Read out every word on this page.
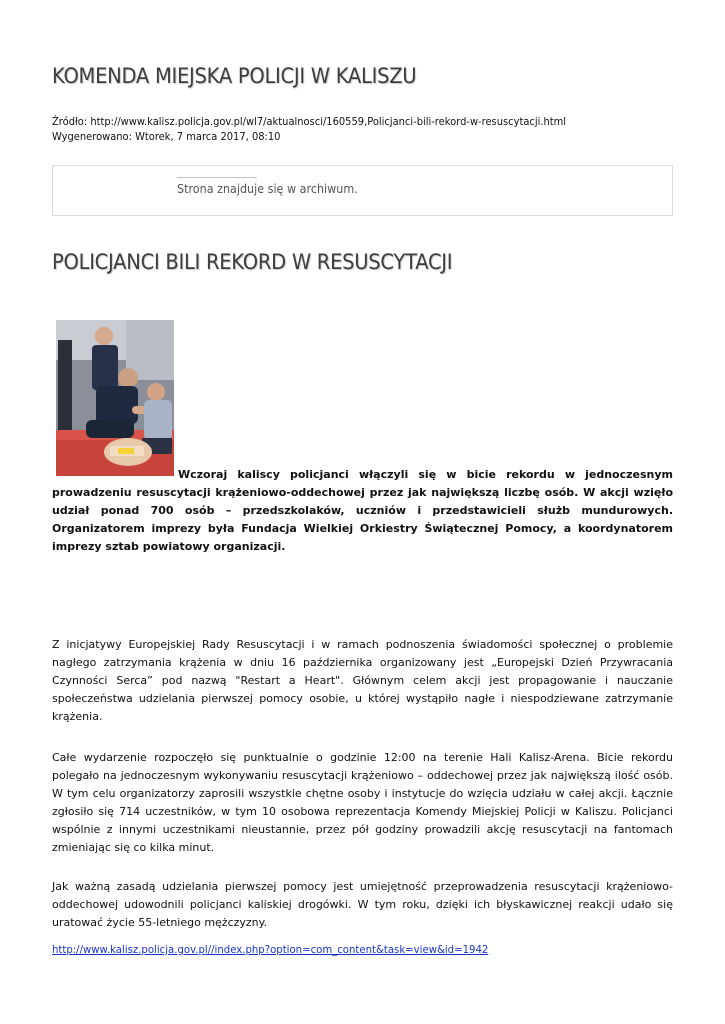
KOMENDA MIEJSKA POLICJI W KALISZU
Źródło: http://www.kalisz.policja.gov.pl/wl7/aktualnosci/160559,Policjanci-bili-rekord-w-resuscytacji.html
Wygenerowano: Wtorek, 7 marca 2017, 08:10
Strona znajduje się w archiwum.
POLICJANCI BILI REKORD W RESUSCYTACJI
Wczoraj kaliscy policjanci włączyli się w bicie rekordu w jednoczesnym prowadzeniu resuscytacji krążeniowo-oddechowej przez jak największą liczbę osób. W akcji wzięło udział ponad 700 osób – przedszkolaków, uczniów i przedstawicieli służb mundurowych. Organizatorem imprezy była Fundacja Wielkiej Orkiestry Świątecznej Pomocy, a koordynatorem imprezy sztab powiatowy organizacji.
Z inicjatywy Europejskiej Rady Resuscytacji i w ramach podnoszenia świadomości społecznej o problemie nagłego zatrzymania krążenia w dniu 16 października organizowany jest „Europejski Dzień Przywracania Czynności Serca” pod nazwą "Restart a Heart". Głównym celem akcji jest propagowanie i nauczanie społeczeństwa udzielania pierwszej pomocy osobie, u której wystąpiło nagłe i niespodziewane zatrzymanie krążenia.
Całe wydarzenie rozpoczęło się punktualnie o godzinie 12:00 na terenie Hali Kalisz-Arena. Bicie rekordu polegało na jednoczesnym wykonywaniu resuscytacji krążeniowo – oddechowej przez jak największą ilość osób. W tym celu organizatorzy zaprosili wszystkie chętne osoby i instytucje do wzięcia udziału w całej akcji. Łącznie zgłosiło się 714 uczestników, w tym 10 osobowa reprezentacja Komendy Miejskiej Policji w Kaliszu. Policjanci wspólnie z innymi uczestnikami nieustannie, przez pół godziny prowadzili akcję resuscytacji na fantomach zmieniając się co kilka minut.
Jak ważną zasadą udzielania pierwszej pomocy jest umiejętność przeprowadzenia resuscytacji krążeniowo-oddechowej udowodnili policjanci kaliskiej drogówki. W tym roku, dzięki ich błyskawicznej reakcji udało się uratować życie 55-letniego mężczyzny.
http://www.kalisz.policja.gov.pl//index.php?option=com_content&task=view&id=1942
